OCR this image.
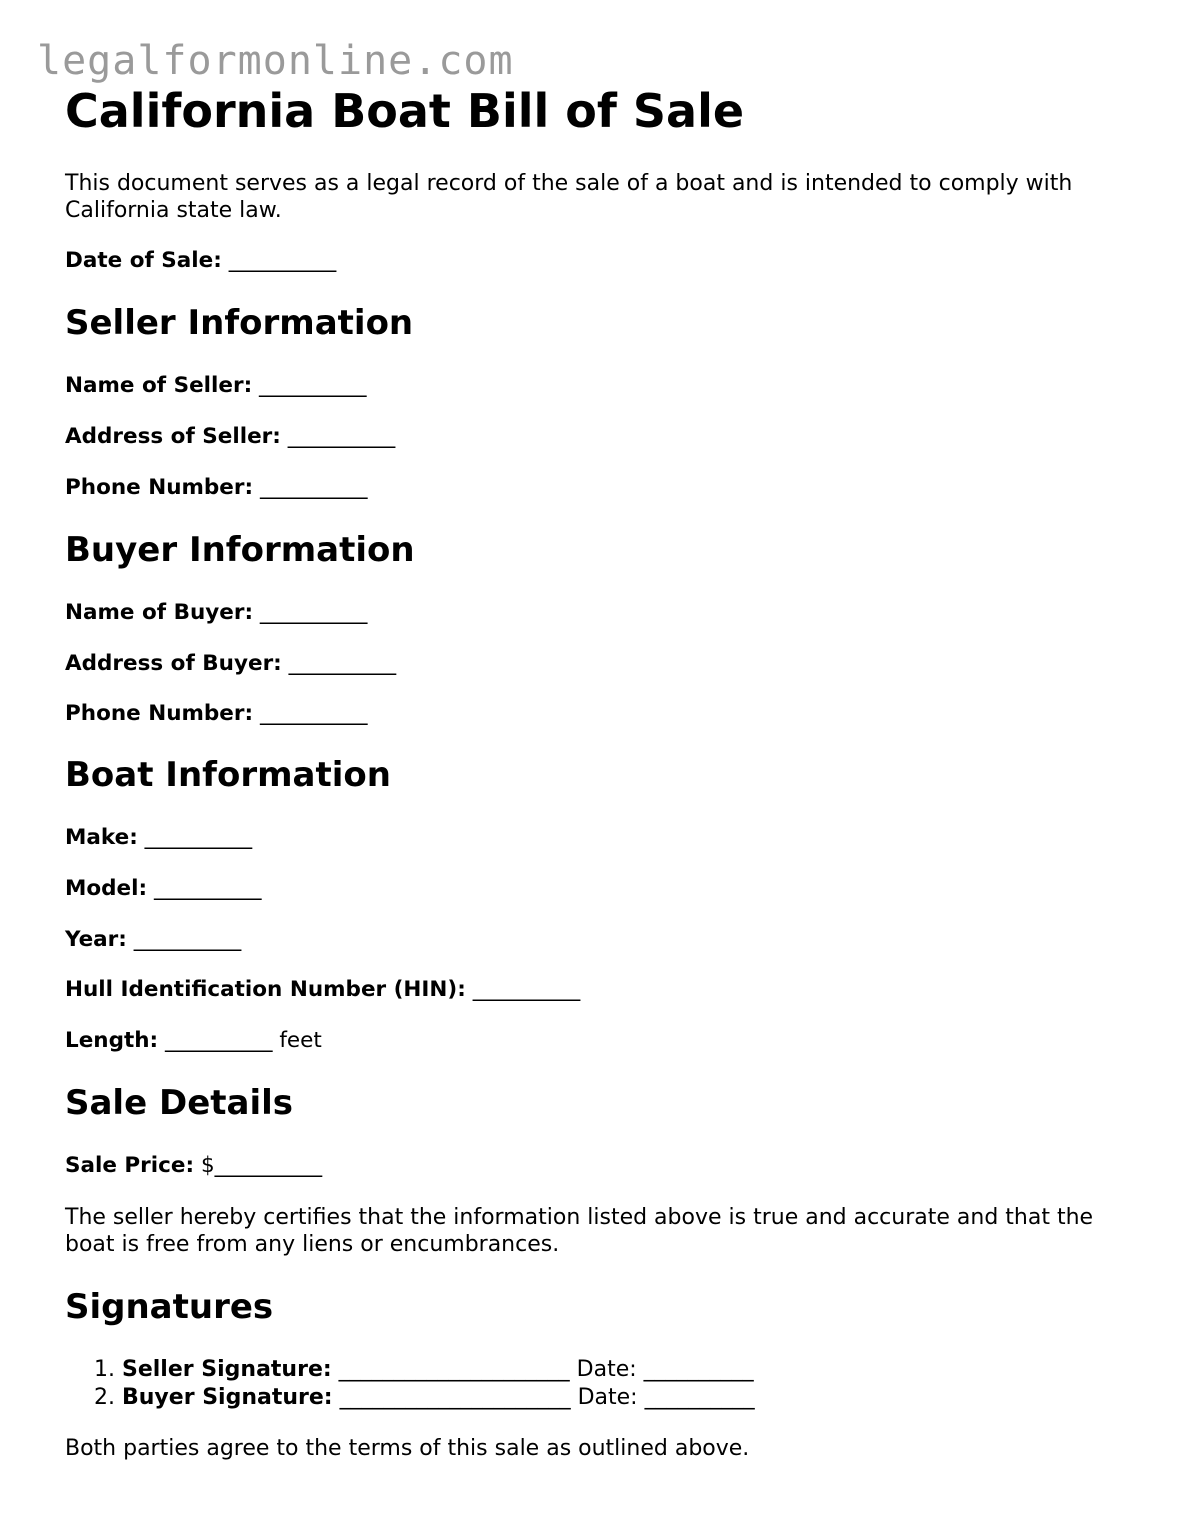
legalformonline.com
California Boat Bill of Sale
This document serves as a legal record of the sale of a boat and is intended to comply with California state law.
Date of Sale: __________
Seller Information
Name of Seller: __________
Address of Seller: __________
Phone Number: __________
Buyer Information
Name of Buyer: __________
Address of Buyer: __________
Phone Number: __________
Boat Information
Make: __________
Model: __________
Year: __________
Hull Identification Number (HIN): __________
Length: __________ feet
Sale Details
Sale Price: $__________
The seller hereby certifies that the information listed above is true and accurate and that the boat is free from any liens or encumbrances.
Signatures
1. Seller Signature: _____________________ Date: __________
2. Buyer Signature: _____________________ Date: __________
Both parties agree to the terms of this sale as outlined above.
